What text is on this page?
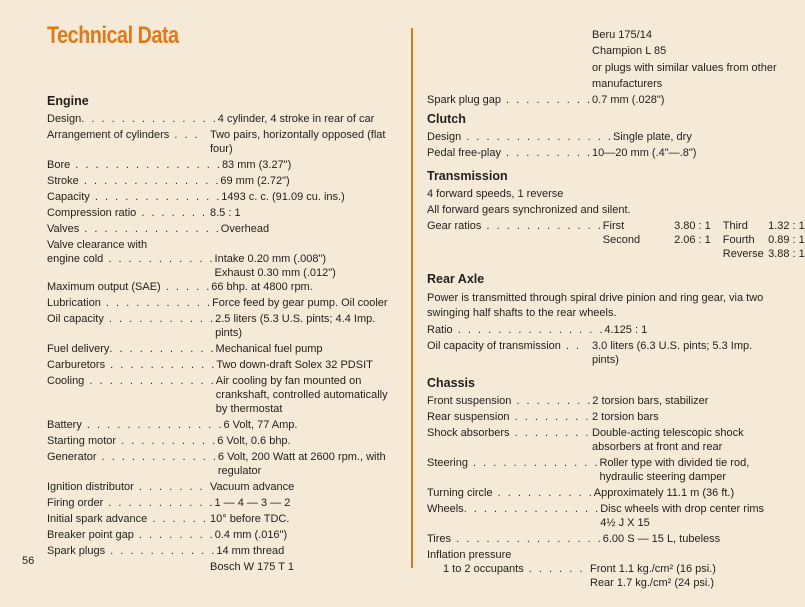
Technical Data
56

Engine

Design. . . . . . . . . . . . . . 4 cylinder, 4 stroke in rear of car
Arrangement of cylinders . . . Two pairs, horizontally opposed (flat four)
Bore . . . . . . . . . . . . . . . 83 mm (3.27")
Stroke . . . . . . . . . . . . . . 69 mm (2.72")
Capacity . . . . . . . . . . . . . 1493 c. c. (91.09 cu. ins.)
Compression ratio . . . . . . . 8.5 : 1
Valves . . . . . . . . . . . . . . Overhead
Valve clearance with
engine cold . . . . . . . . . . . Intake 0.20 mm (.008")
Exhaust 0.30 mm (.012")
Maximum output (SAE) . . . . . 66 bhp. at 4800 rpm.
Lubrication . . . . . . . . . . . Force feed by gear pump. Oil cooler
Oil capacity . . . . . . . . . . . 2.5 liters (5.3 U.S. pints; 4.4 Imp. pints)
Fuel delivery. . . . . . . . . . . Mechanical fuel pump
Carburetors . . . . . . . . . . . Two down-draft Solex 32 PDSIT
Cooling . . . . . . . . . . . . . Air cooling by fan mounted on crankshaft, controlled automatically by thermostat
Battery . . . . . . . . . . . . . . 6 Volt, 77 Amp.
Starting motor . . . . . . . . . . 6 Volt, 0.6 bhp.
Generator . . . . . . . . . . . . 6 Volt, 200 Watt at 2600 rpm., with regulator
Ignition distributor . . . . . . . Vacuum advance
Firing order . . . . . . . . . . . 1 — 4 — 3 — 2
Initial spark advance . . . . . . 10° before TDC.
Breaker point gap . . . . . . . . 0.4 mm (.016")
Spark plugs . . . . . . . . . . . 14 mm thread
Bosch W 175 T 1
Beru 175/14
Champion L 85
or plugs with similar values from other manufacturers
Spark plug gap . . . . . . . . . 0.7 mm (.028")

Clutch

Design . . . . . . . . . . . . . . . Single plate, dry
Pedal free-play . . . . . . . . . 10—20 mm (.4"—.8")

Transmission

4 forward speeds, 1 reverse
All forward gears synchronized and silent.
Gear ratios . . . . . . . . . . . . First	3.80 : 1	Third	1.32 : 1
Second	2.06 : 1	Fourth	0.89 : 1
Reverse 3.88 : 1

Rear Axle

Power is transmitted through spiral drive pinion and ring gear, via two swinging half shafts to the rear wheels.
Ratio . . . . . . . . . . . . . . . 4.125 : 1
Oil capacity of transmission . . 3.0 liters (6.3 U.S. pints; 5.3 Imp. pints)

Chassis

Front suspension . . . . . . . . 2 torsion bars, stabilizer
Rear suspension . . . . . . . . 2 torsion bars
Shock absorbers . . . . . . . . Double-acting telescopic shock absorbers at front and rear
Steering . . . . . . . . . . . . . Roller type with divided tie rod, hydraulic steering damper
Turning circle . . . . . . . . . . Approximately 11.1 m (36 ft.)
Wheels. . . . . . . . . . . . . . Disc wheels with drop center rims 4½ J X 15
Tires . . . . . . . . . . . . . . . 6.00 S — 15 L, tubeless
Inflation pressure
1 to 2 occupants . . . . . . Front 1.1 kg./cm² (16 psi.)
Rear 1.7 kg./cm² (24 psi.)
